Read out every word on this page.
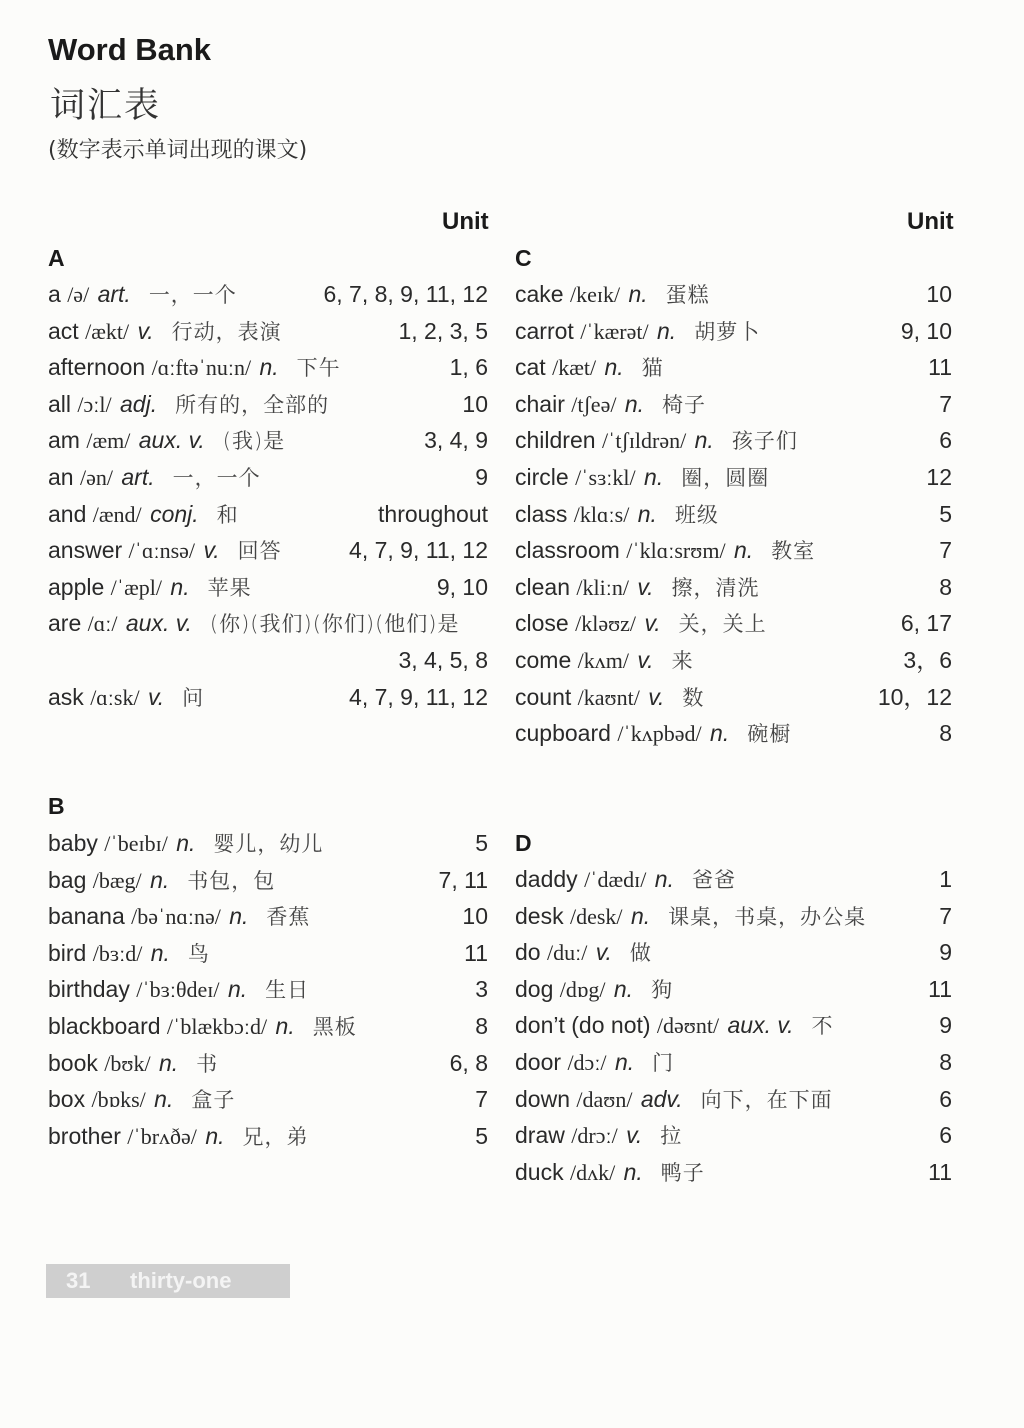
Word Bank
词汇表
(数字表示单词出现的课文)
Unit	Unit
A
B
C
D
a /ə/ art. 一，一个	6, 7, 8, 9, 11, 12
act /ækt/ v. 行动，表演	1, 2, 3, 5
afternoon /ɑːftəˈnuːn/ n. 下午	1, 6
all /ɔːl/ adj. 所有的，全部的	10
am /æm/ aux. v. (我)是	3, 4, 9
an /ən/ art. 一，一个	9
and /ænd/ conj. 和	throughout
answer /ˈɑːnsə/ v. 回答	4, 7, 9, 11, 12
apple /ˈæpl/ n. 苹果	9, 10
are /ɑː/ aux. v. (你)(我们)(你们)(他们)是
3, 4, 5, 8
ask /ɑːsk/ v. 问	4, 7, 9, 11, 12
baby /ˈbeɪbɪ/ n. 婴儿，幼儿	5
bag /bæg/ n. 书包，包	7, 11
banana /bəˈnɑːnə/ n. 香蕉	10
bird /bɜːd/ n. 鸟	11
birthday /ˈbɜːθdeɪ/ n. 生日	3
blackboard /ˈblækbɔːd/ n. 黑板	8
book /bʊk/ n. 书	6, 8
box /bɒks/ n. 盒子	7
brother /ˈbrʌðə/ n. 兄，弟	5
cake /keɪk/ n. 蛋糕	10
carrot /ˈkærət/ n. 胡萝卜	9, 10
cat /kæt/ n. 猫	11
chair /tʃeə/ n. 椅子	7
children /ˈtʃɪldrən/ n. 孩子们	6
circle /ˈsɜːkl/ n. 圈，圆圈	12
class /klɑːs/ n. 班级	5
classroom /ˈklɑːsrʊm/ n. 教室	7
clean /kliːn/ v. 擦，清洗	8
close /kləʊz/ v. 关，关上	6, 17
come /kʌm/ v. 来	3，6
count /kaʊnt/ v. 数	10，12
cupboard /ˈkʌpbəd/ n. 碗橱	8
daddy /ˈdædɪ/ n. 爸爸	1
desk /desk/ n. 课桌，书桌，办公桌	7
do /duː/ v. 做	9
dog /dɒg/ n. 狗	11
don’t (do not) /dəʊnt/ aux. v. 不	9
door /dɔː/ n. 门	8
down /daʊn/ adv. 向下，在下面	6
draw /drɔː/ v. 拉	6
duck /dʌk/ n. 鸭子	11
31 thirty-one
